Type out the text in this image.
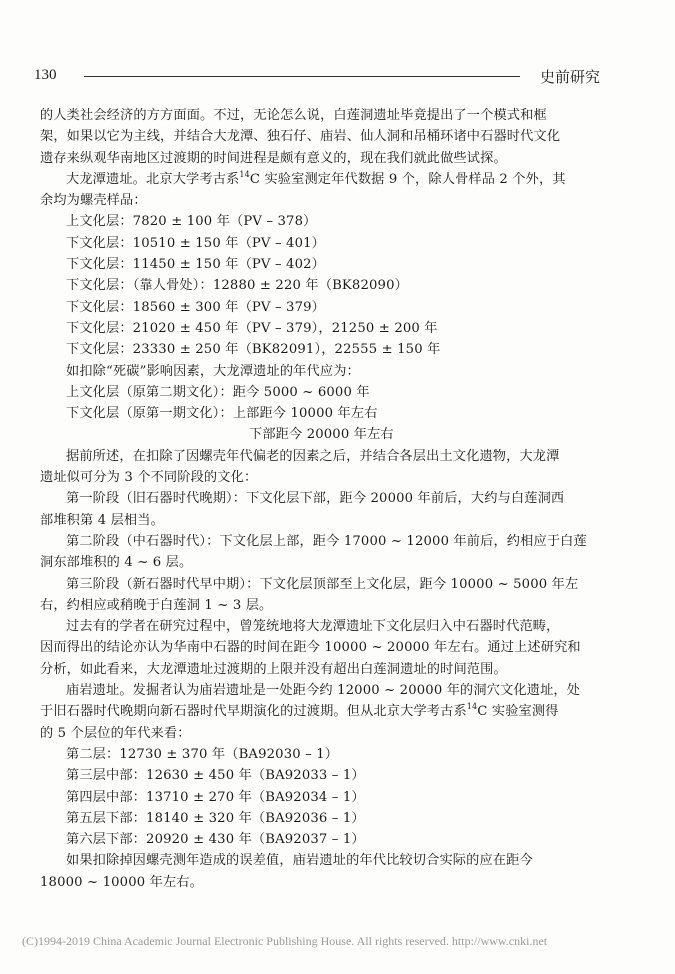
130	史前研究

的人类社会经济的方方面面。不过，无论怎么说，白莲洞遗址毕竟提出了一个模式和框

架，如果以它为主线，并结合大龙潭、独石仔、庙岩、仙人洞和吊桶环诸中石器时代文化

遗存来纵观华南地区过渡期的时间进程是颇有意义的，现在我们就此做些试探。

大龙潭遗址。北京大学考古系$^{14}$C 实验室测定年代数据 9 个，除人骨样品 2 个外，其

余均为螺壳样品：

上文化层：7820 ± 100 年（PV – 378）

下文化层：10510 ± 150 年（PV – 401）

下文化层：11450 ± 150 年（PV – 402）

下文化层：（靠人骨处）：12880 ± 220 年（BK82090）

下文化层：18560 ± 300 年（PV – 379）

下文化层：21020 ± 450 年（PV – 379），21250 ± 200 年

下文化层：23330 ± 250 年（BK82091），22555 ± 150 年

如扣除“死碳”影响因素，大龙潭遗址的年代应为：

上文化层（原第二期文化）：距今 5000 ~ 6000 年

下文化层（原第一期文化）：上部距今 10000 年左右

下部距今 20000 年左右

据前所述，在扣除了因螺壳年代偏老的因素之后，并结合各层出土文化遗物，大龙潭

遗址似可分为 3 个不同阶段的文化：

第一阶段（旧石器时代晚期）：下文化层下部，距今 20000 年前后，大约与白莲洞西

部堆积第 4 层相当。

第二阶段（中石器时代）：下文化层上部，距今 17000 ~ 12000 年前后，约相应于白莲

洞东部堆积的 4 ~ 6 层。

第三阶段（新石器时代早中期）：下文化层顶部至上文化层，距今 10000 ~ 5000 年左

右，约相应或稍晚于白莲洞 1 ~ 3 层。

过去有的学者在研究过程中，曾笼统地将大龙潭遗址下文化层归入中石器时代范畴，

因而得出的结论亦认为华南中石器的时间在距今 10000 ~ 20000 年左右。通过上述研究和

分析，如此看来，大龙潭遗址过渡期的上限并没有超出白莲洞遗址的时间范围。

庙岩遗址。发掘者认为庙岩遗址是一处距今约 12000 ~ 20000 年的洞穴文化遗址，处

于旧石器时代晚期向新石器时代早期演化的过渡期。但从北京大学考古系$^{14}$C 实验室测得

的 5 个层位的年代来看：

第二层：12730 ± 370 年（BA92030 – 1）

第三层中部：12630 ± 450 年（BA92033 – 1）

第四层中部：13710 ± 270 年（BA92034 – 1）

第五层下部：18140 ± 320 年（BA92036 – 1）

第六层下部：20920 ± 430 年（BA92037 – 1）

如果扣除掉因螺壳测年造成的误差值，庙岩遗址的年代比较切合实际的应在距今

18000 ~ 10000 年左右。

(C)1994-2019 China Academic Journal Electronic Publishing House. All rights reserved. http://www.cnki.net
